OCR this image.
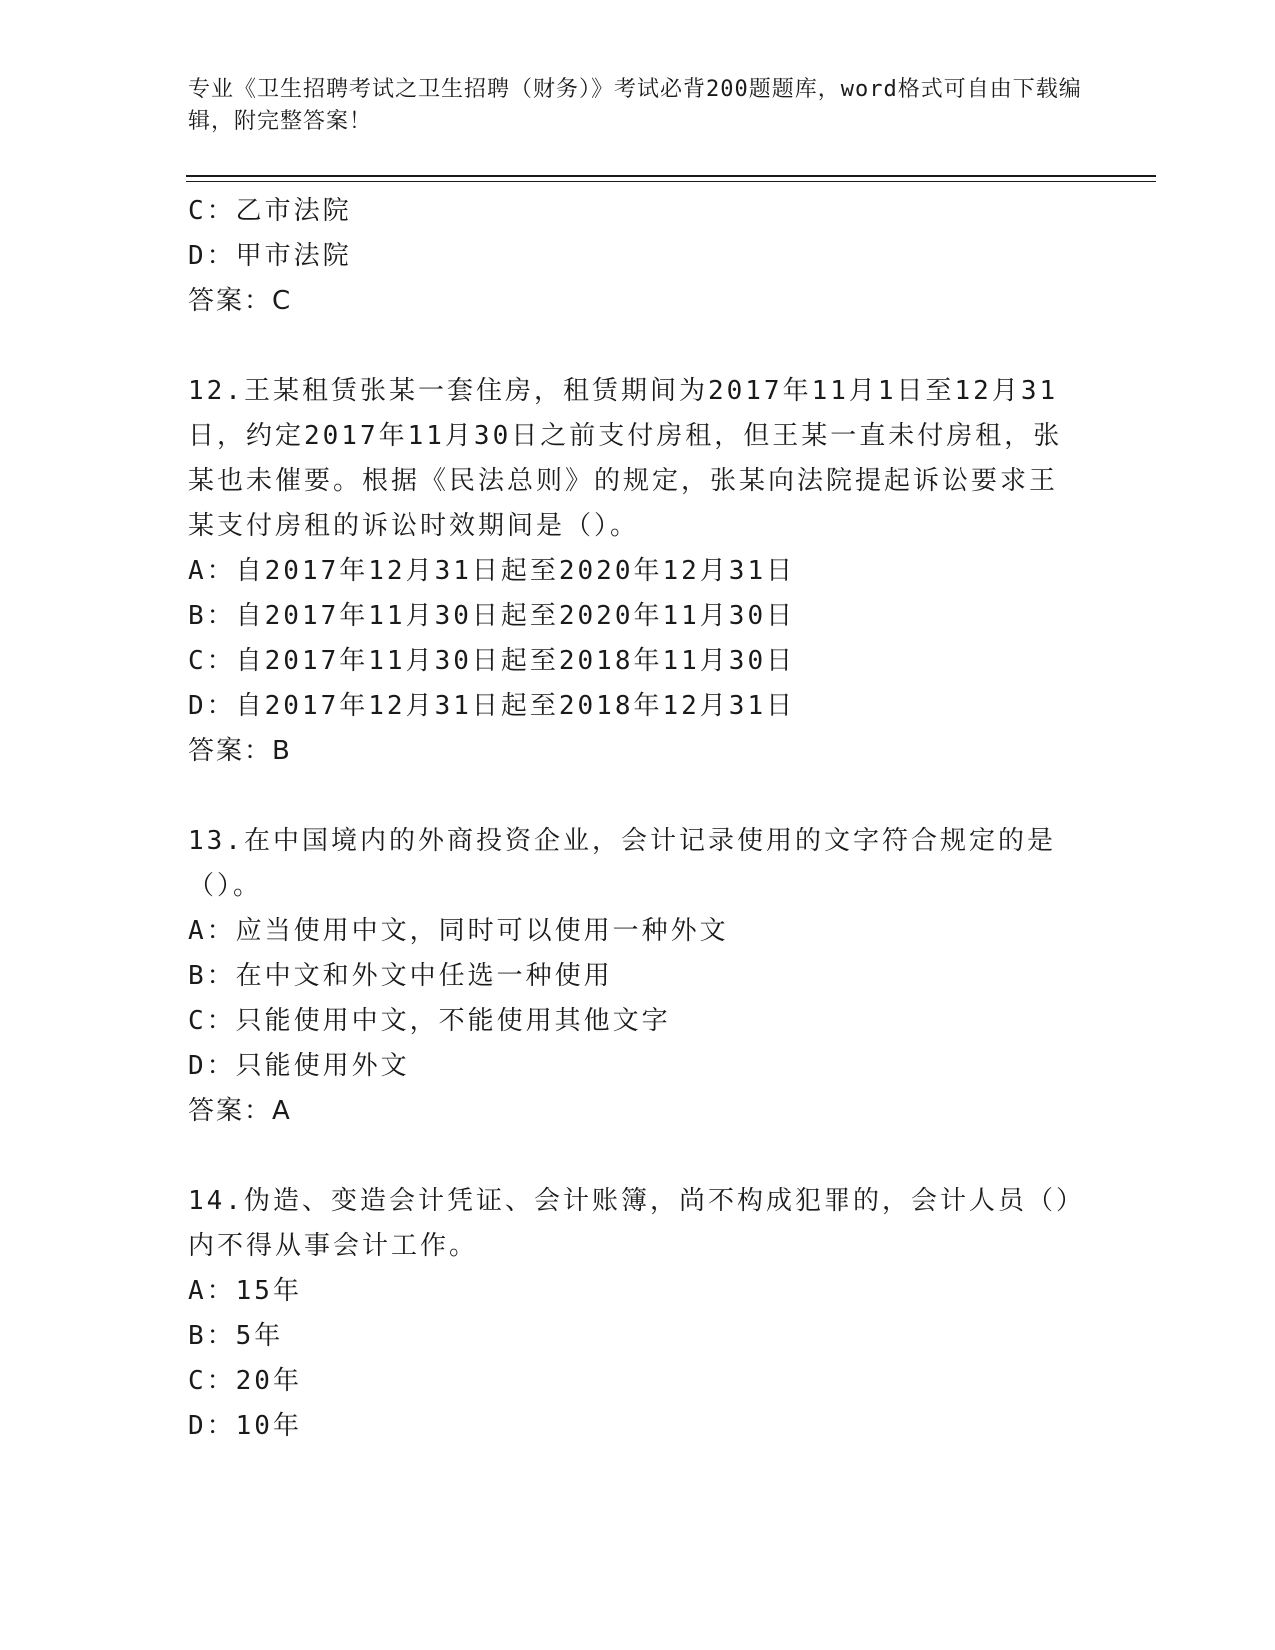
专业《卫生招聘考试之卫生招聘（财务）》考试必背200题题库，word格式可自由下载编辑，附完整答案！
C：乙市法院
D：甲市法院
答案：C
12.王某租赁张某一套住房，租赁期间为2017年11月1日至12月31日，约定2017年11月30日之前支付房租，但王某一直未付房租，张某也未催要。根据《民法总则》的规定，张某向法院提起诉讼要求王某支付房租的诉讼时效期间是（）。
A：自2017年12月31日起至2020年12月31日
B：自2017年11月30日起至2020年11月30日
C：自2017年11月30日起至2018年11月30日
D：自2017年12月31日起至2018年12月31日
答案：B
13.在中国境内的外商投资企业，会计记录使用的文字符合规定的是（）。
A：应当使用中文，同时可以使用一种外文
B：在中文和外文中任选一种使用
C：只能使用中文，不能使用其他文字
D：只能使用外文
答案：A
14.伪造、变造会计凭证、会计账簿，尚不构成犯罪的，会计人员（）内不得从事会计工作。
A：15年
B：5年
C：20年
D：10年
